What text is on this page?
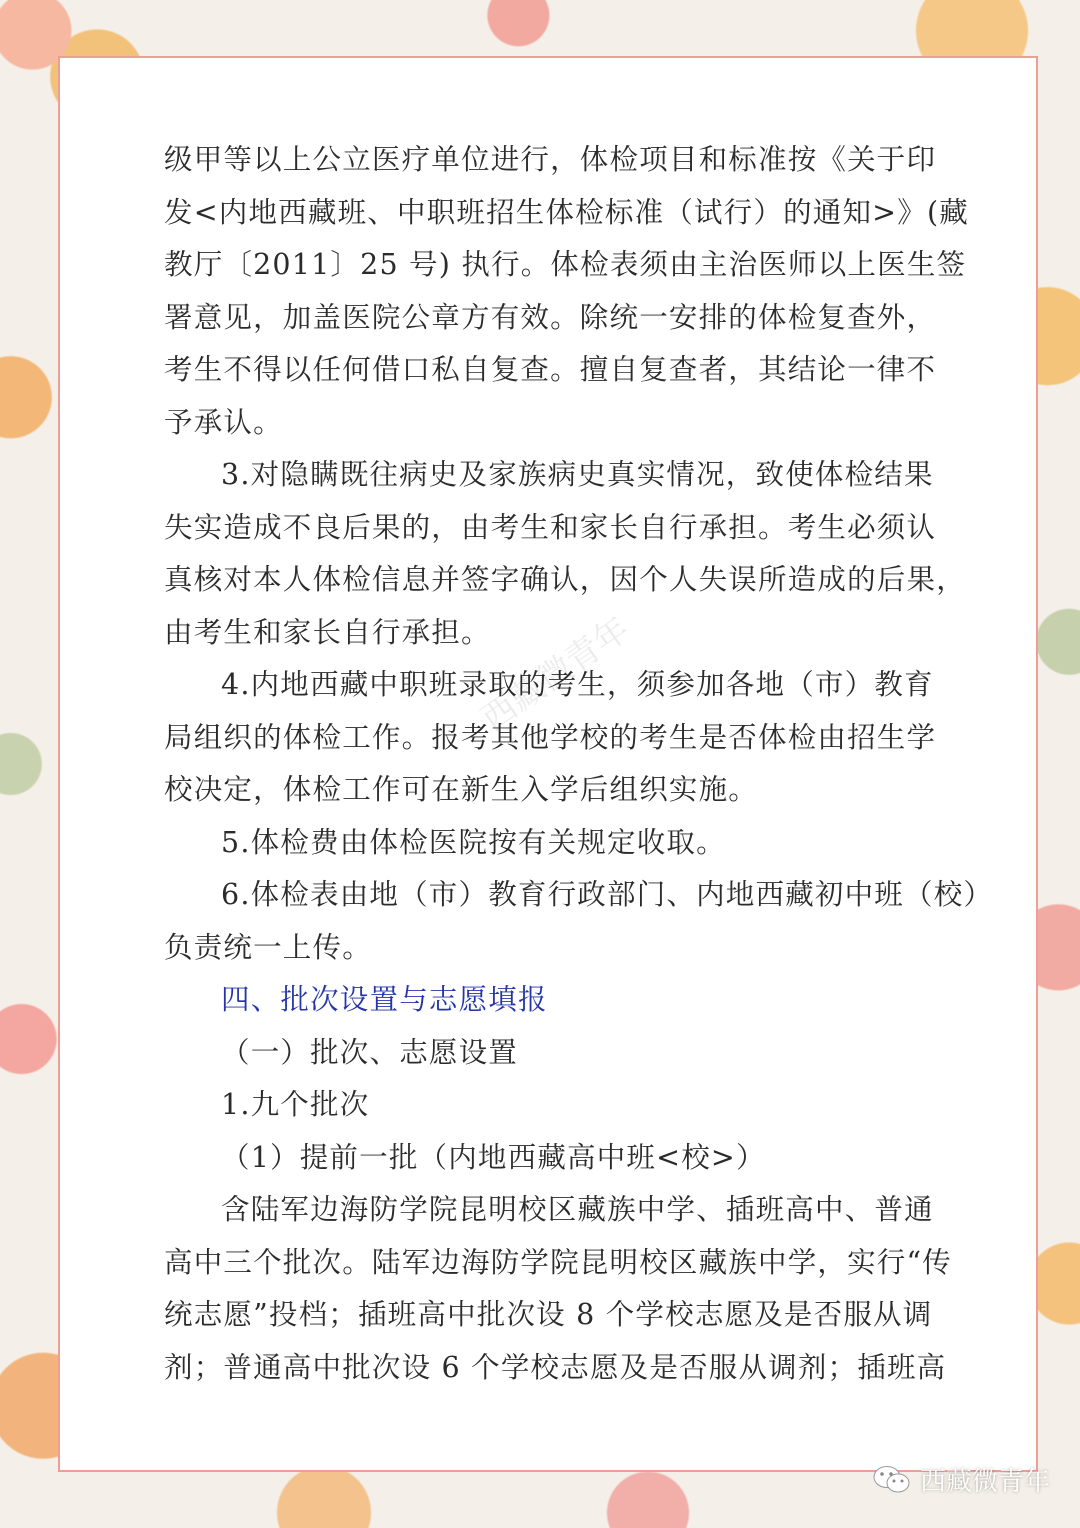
西藏微青年
级甲等以上公立医疗单位进行，体检项目和标准按《关于印
发<内地西藏班、中职班招生体检标准（试行）的通知>》(藏
教厅〔2011〕25 号) 执行。体检表须由主治医师以上医生签
署意见，加盖医院公章方有效。除统一安排的体检复查外，
考生不得以任何借口私自复查。擅自复查者，其结论一律不
予承认。
3.对隐瞒既往病史及家族病史真实情况，致使体检结果
失实造成不良后果的，由考生和家长自行承担。考生必须认
真核对本人体检信息并签字确认，因个人失误所造成的后果，
由考生和家长自行承担。
4.内地西藏中职班录取的考生，须参加各地（市）教育
局组织的体检工作。报考其他学校的考生是否体检由招生学
校决定，体检工作可在新生入学后组织实施。
5.体检费由体检医院按有关规定收取。
6.体检表由地（市）教育行政部门、内地西藏初中班（校）
负责统一上传。
四、批次设置与志愿填报
（一）批次、志愿设置
1.九个批次
（1）提前一批（内地西藏高中班<校>）
含陆军边海防学院昆明校区藏族中学、插班高中、普通
高中三个批次。陆军边海防学院昆明校区藏族中学，实行“传
统志愿”投档；插班高中批次设 8 个学校志愿及是否服从调
剂；普通高中批次设 6 个学校志愿及是否服从调剂；插班高
西藏微青年
